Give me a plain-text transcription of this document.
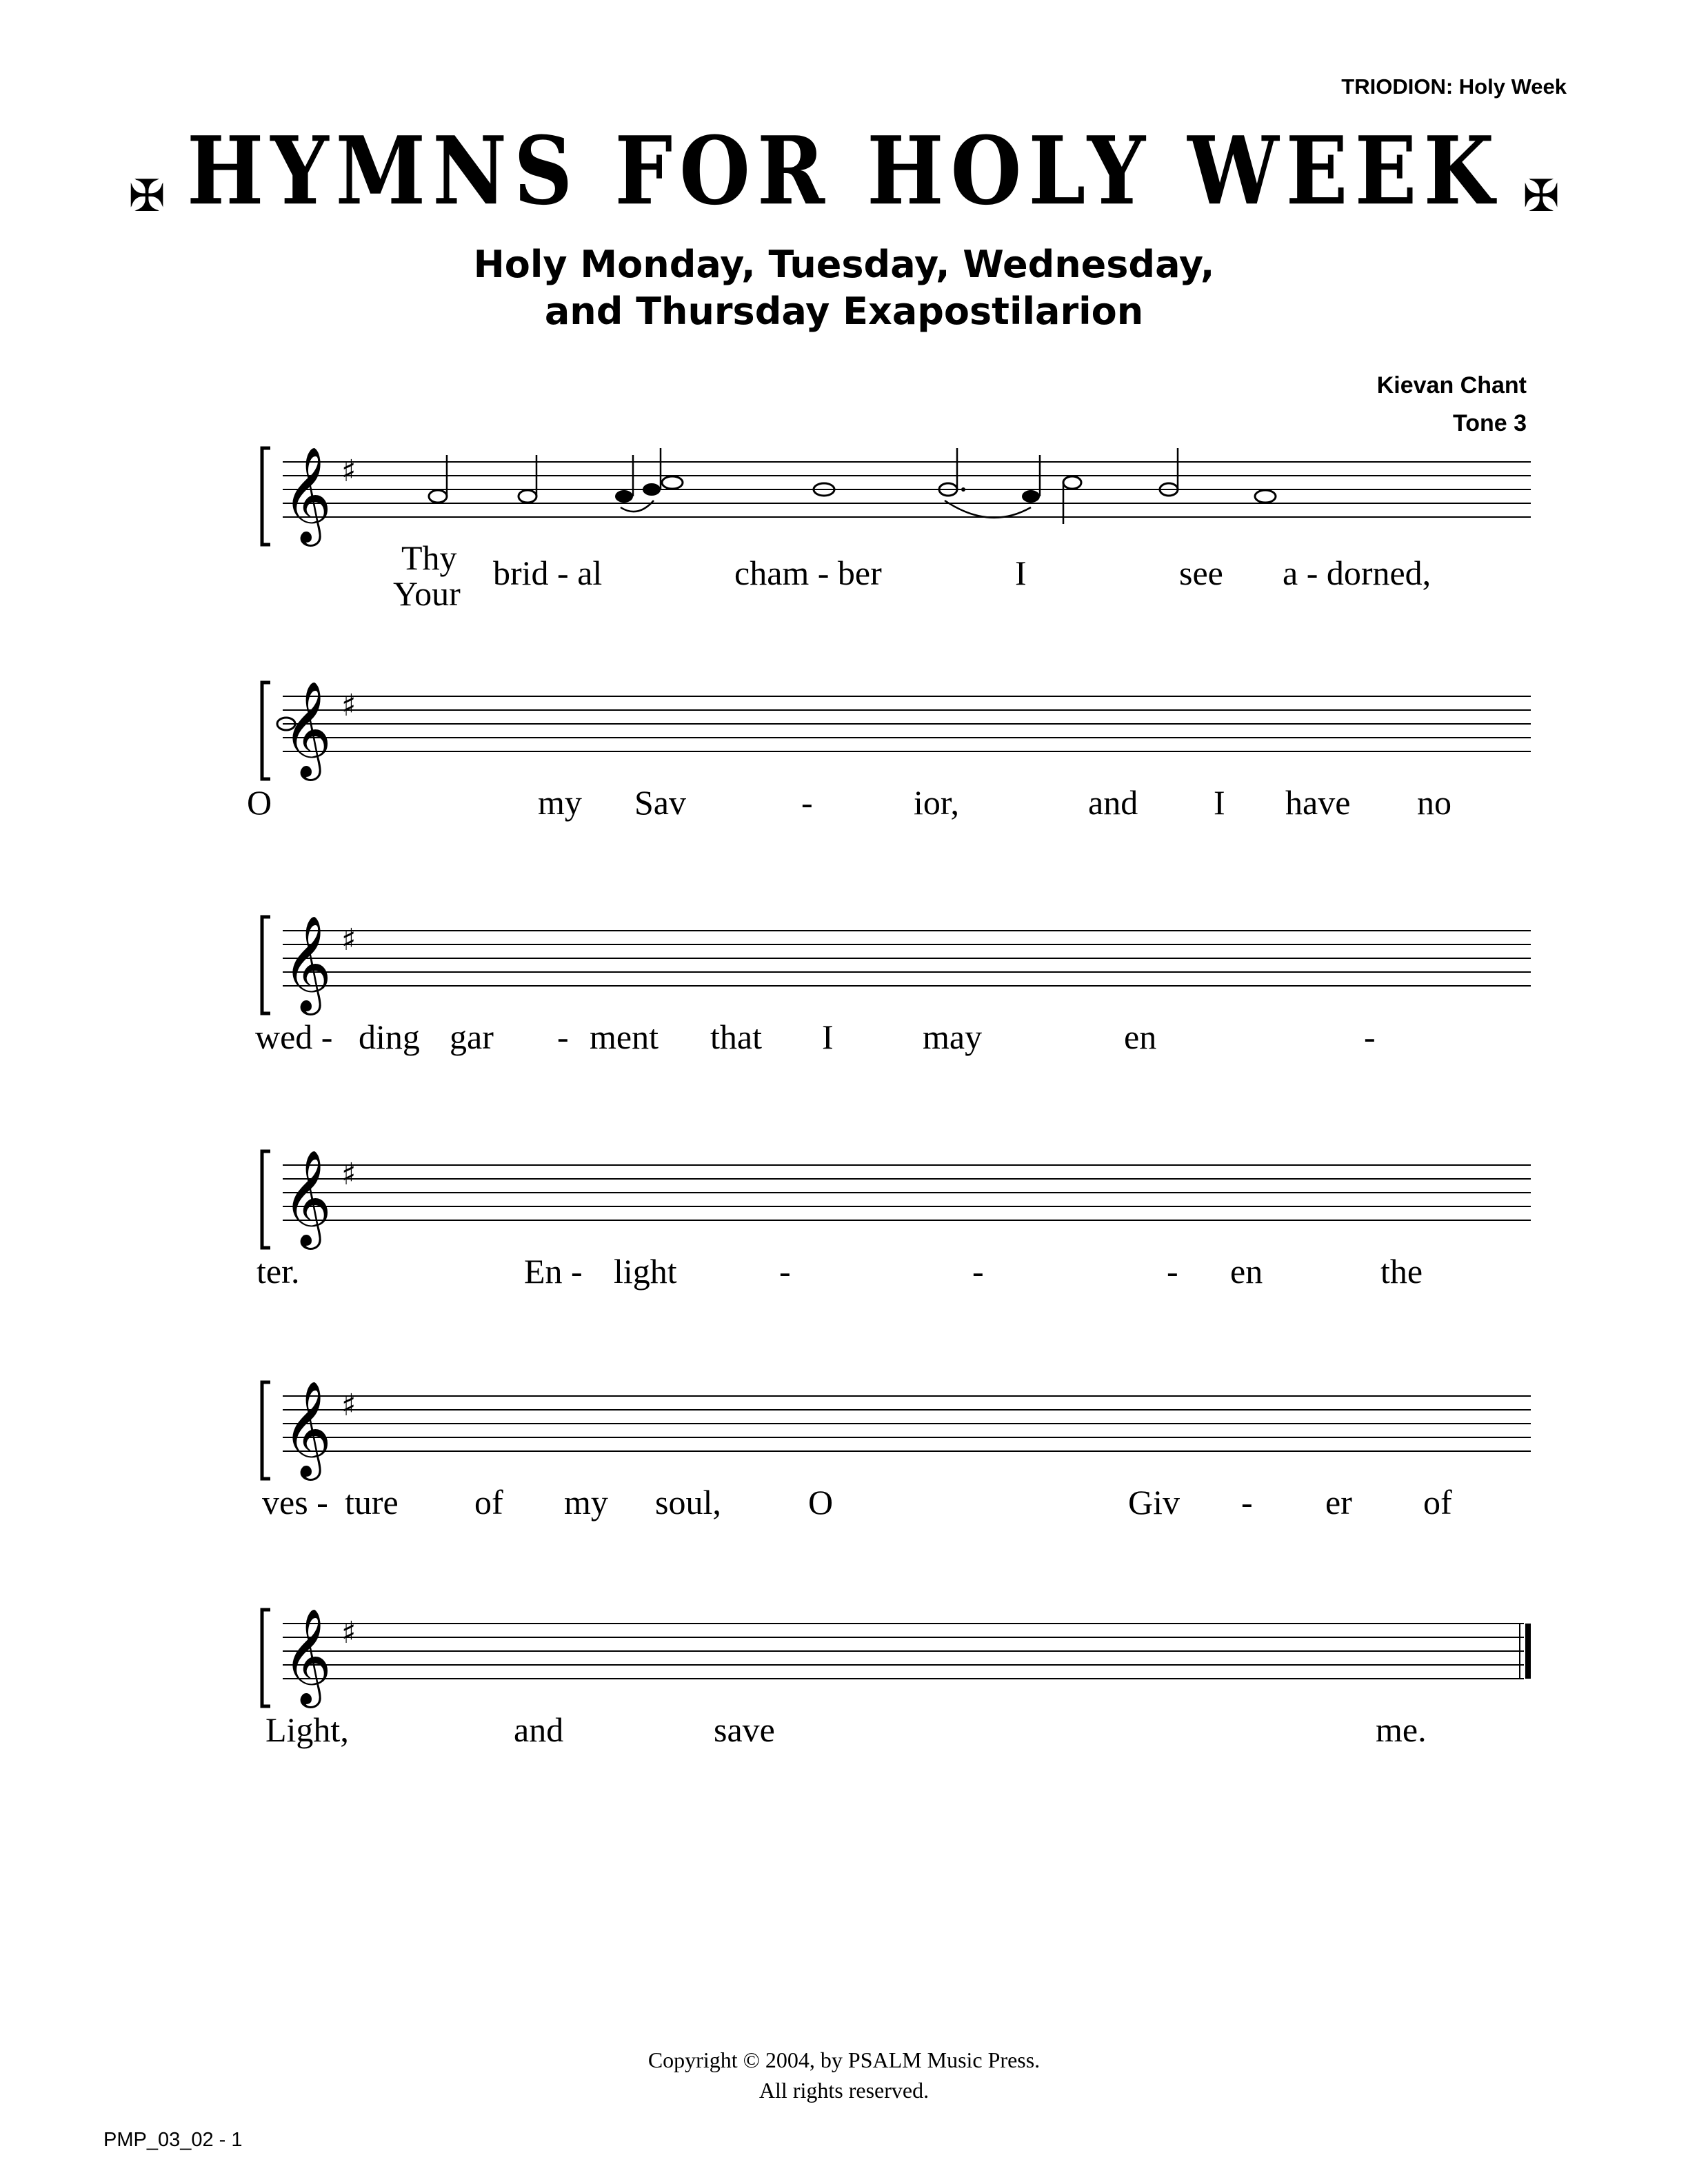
TRIODION: Holy Week
✠ HYMNS FOR HOLY WEEK ✠
Holy Monday, Tuesday, Wednesday,
and Thursday Exapostilarion
Kievan Chant
Tone 3
𝄞 ♯
Thy
Your
brid - al	cham - ber	I	see a - dorned,
𝄞 ♯
O	my Sav	-	ior,	and I have no
𝄞 ♯
wed - ding gar - ment that I	may	en	-
𝄞 ♯
ter.	En - light	-	-	- en	the
𝄞 ♯
ves - ture of my soul,	O	Giv - er of
𝄞 ♯
Light,	and	save	me.
Copyright © 2004, by PSALM Music Press.
All rights reserved.
PMP_03_02 - 1
